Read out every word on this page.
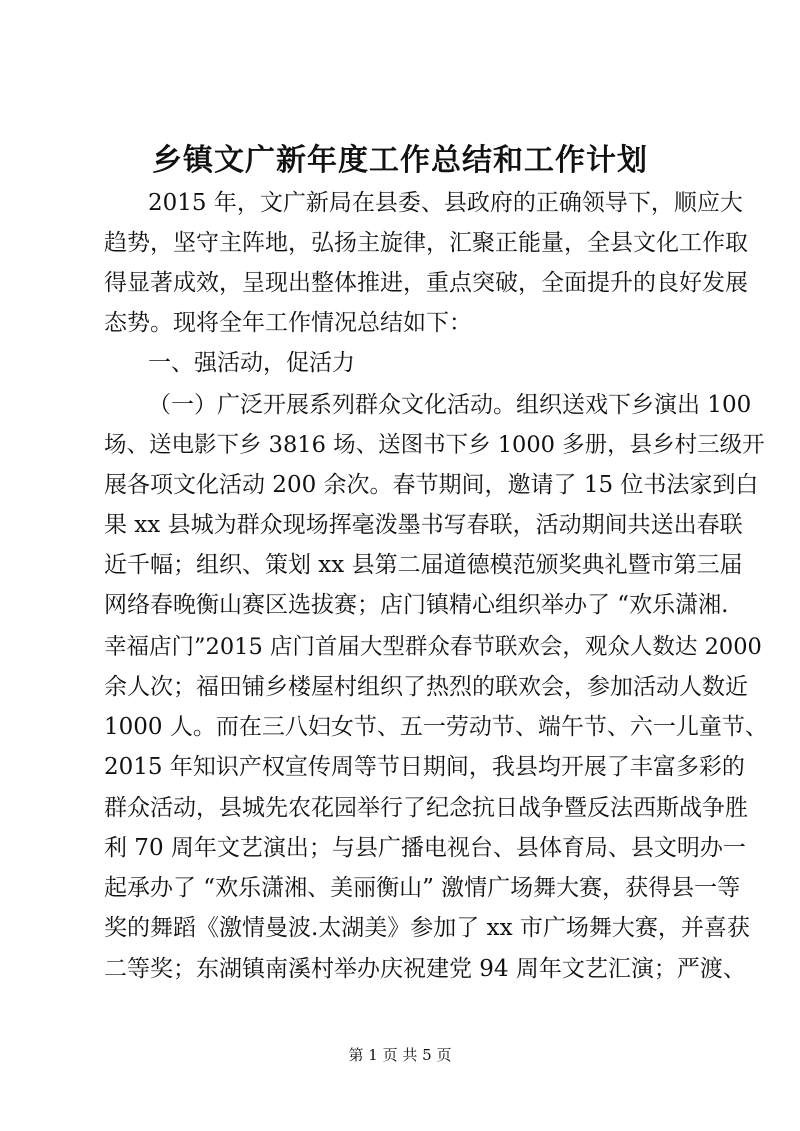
乡镇文广新年度工作总结和工作计划
2015 年，文广新局在县委、县政府的正确领导下，顺应大
趋势，坚守主阵地，弘扬主旋律，汇聚正能量，全县文化工作取
得显著成效，呈现出整体推进，重点突破，全面提升的良好发展
态势。现将全年工作情况总结如下：
一、强活动，促活力
（一）广泛开展系列群众文化活动。组织送戏下乡演出 100
场、送电影下乡 3816 场、送图书下乡 1000 多册，县乡村三级开
展各项文化活动 200 余次。春节期间，邀请了 15 位书法家到白
果 xx 县城为群众现场挥毫泼墨书写春联，活动期间共送出春联
近千幅；组织、策划 xx 县第二届道德模范颁奖典礼暨市第三届
网络春晚衡山赛区选拔赛；店门镇精心组织举办了 “欢乐潇湘.
幸福店门”2015 店门首届大型群众春节联欢会，观众人数达 2000
余人次；福田铺乡楼屋村组织了热烈的联欢会，参加活动人数近
1000 人。而在三八妇女节、五一劳动节、端午节、六一儿童节、
2015 年知识产权宣传周等节日期间，我县均开展了丰富多彩的
群众活动，县城先农花园举行了纪念抗日战争暨反法西斯战争胜
利 70 周年文艺演出；与县广播电视台、县体育局、县文明办一
起承办了 “欢乐潇湘、美丽衡山” 激情广场舞大赛，获得县一等
奖的舞蹈《激情曼波.太湖美》参加了 xx 市广场舞大赛，并喜获
二等奖；东湖镇南溪村举办庆祝建党 94 周年文艺汇演；严渡、
第 1 页 共 5 页
